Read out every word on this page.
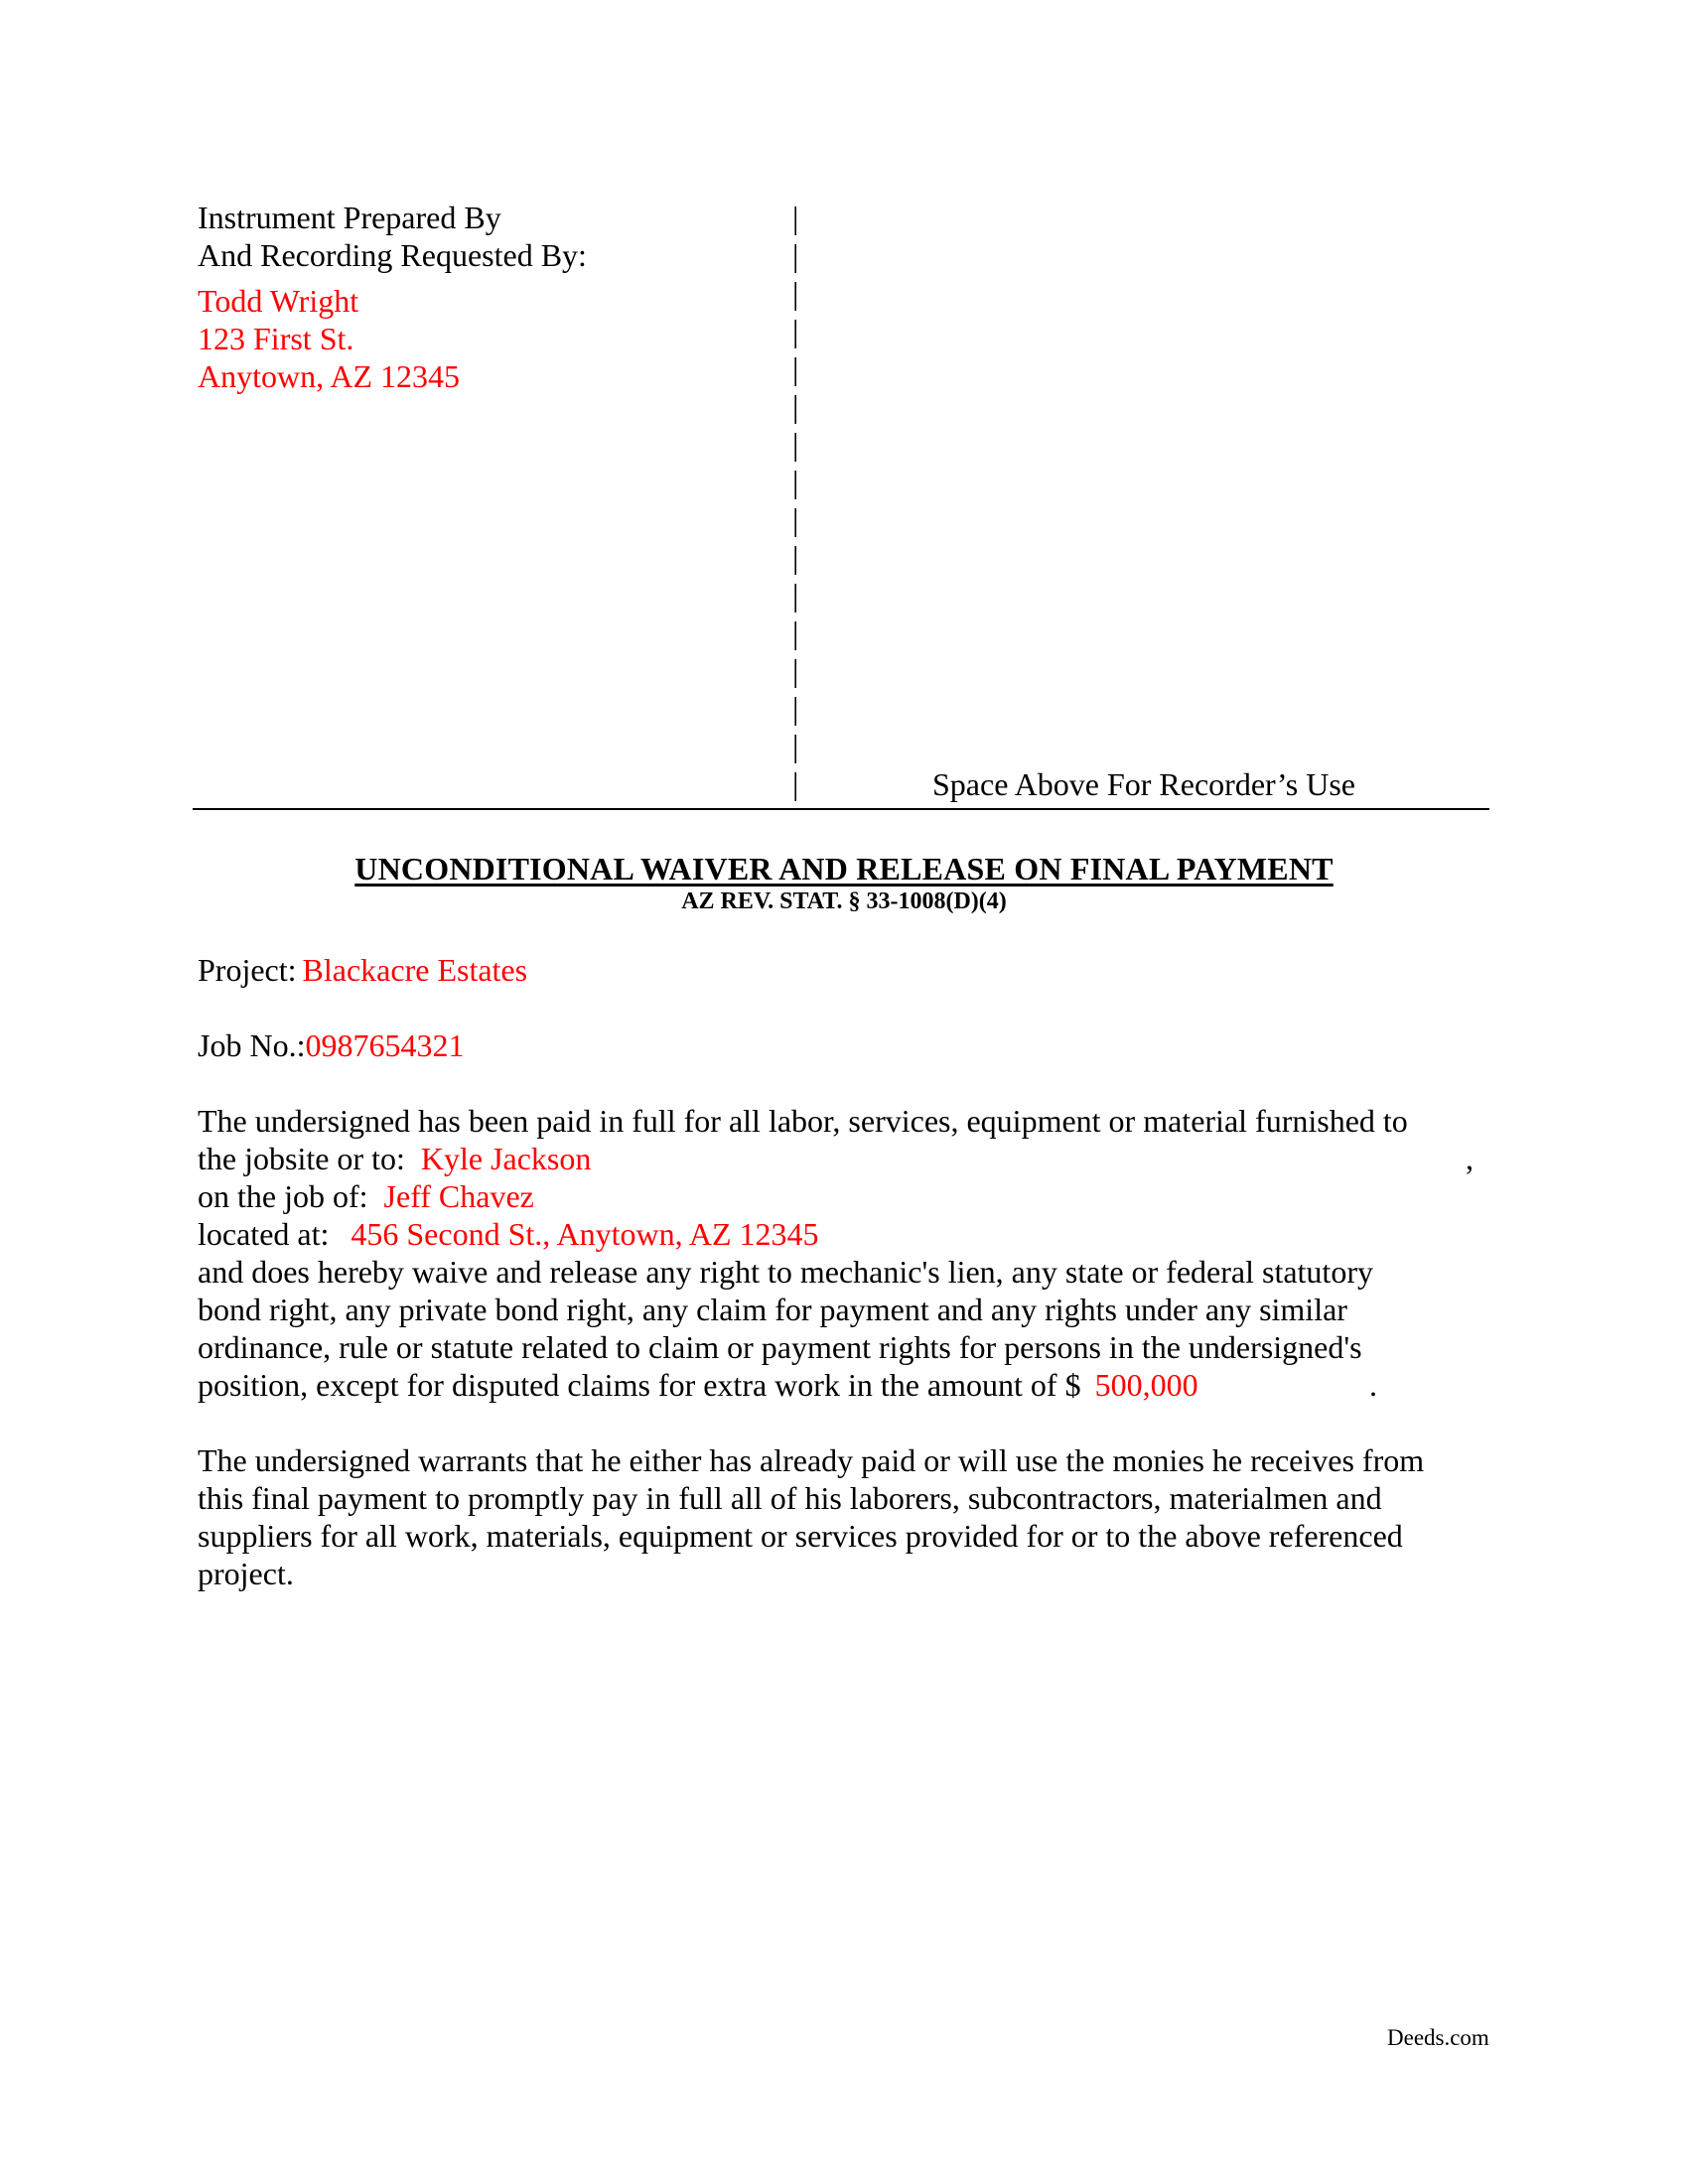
Instrument Prepared By
And Recording Requested By:
Todd Wright
123 First St.
Anytown, AZ 12345
|
|
|
|
|
|
|
|
|
|
|
|
|
|
|
|	Space Above For Recorder’s Use
UNCONDITIONAL WAIVER AND RELEASE ON FINAL PAYMENT
AZ REV. STAT. § 33-1008(D)(4)
Project: Blackacre Estates
Job No.:0987654321
The undersigned has been paid in full for all labor, services, equipment or material furnished to
the jobsite or to: Kyle Jackson	,
on the job of: Jeff Chavez
located at: 456 Second St., Anytown, AZ 12345
and does hereby waive and release any right to mechanic's lien, any state or federal statutory
bond right, any private bond right, any claim for payment and any rights under any similar
ordinance, rule or statute related to claim or payment rights for persons in the undersigned's
position, except for disputed claims for extra work in the amount of $ 500,000	.
The undersigned warrants that he either has already paid or will use the monies he receives from
this final payment to promptly pay in full all of his laborers, subcontractors, materialmen and
suppliers for all work, materials, equipment or services provided for or to the above referenced
project.
Deeds.com
